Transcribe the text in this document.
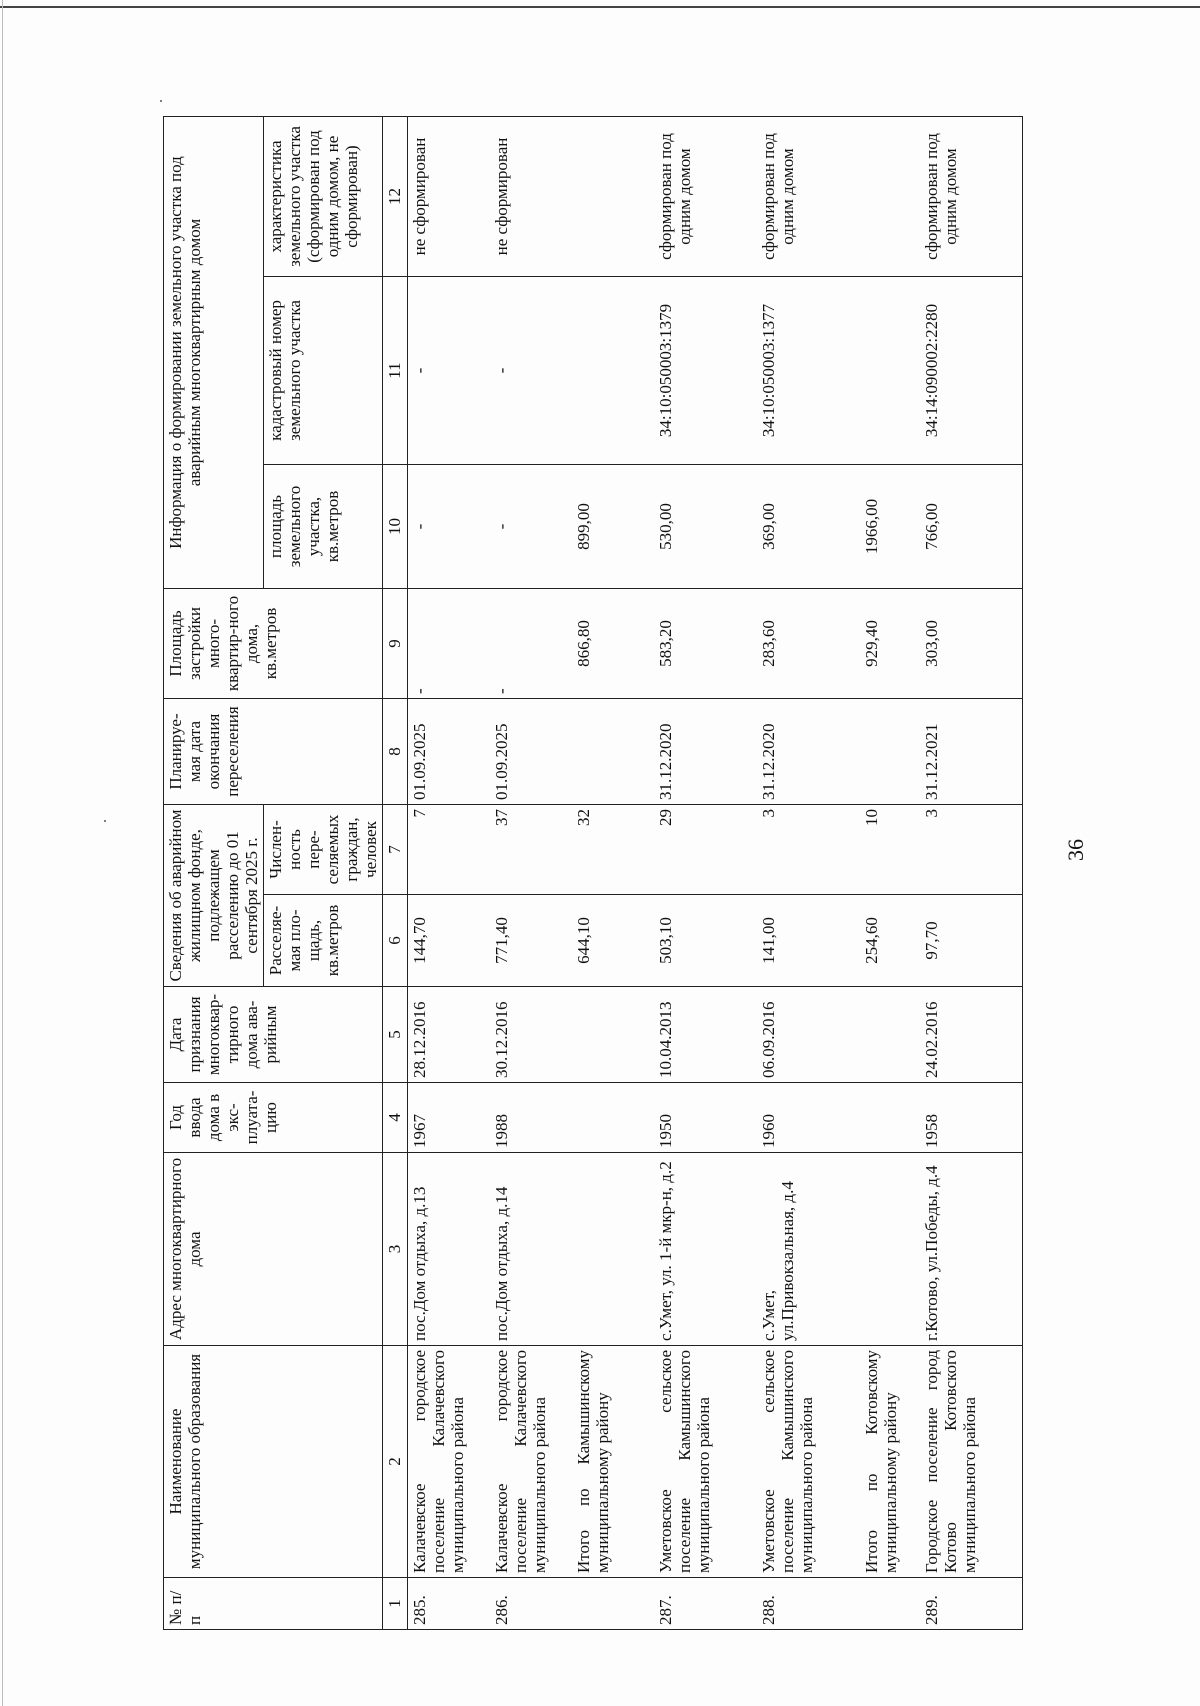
36
№ п/п	Наименование муниципального образования	Адрес многоквартирного дома	Год ввода дома в экс-плуата-цию	Дата признания многоквар-тирного дома ава-рийным	Сведения об аварийном жилищном фонде, подлежащем расселению до 01 сентября 2025 г.		Планируе-мая дата окончания переселения	Площадь застройки много-квартир-ного дома, кв.метров	Информация о формировании земельного участка под аварийным многоквартирным домом		
					Расселяе-мая пло-щадь, кв.метров	Числен-ность пере-селяемых граждан, человек			площадь земельного участка, кв.метров	кадастровый номер земельного участка	характеристика земельного участка (сформирован под одним домом, не сформирован)
1	2	3	4	5	6	7	8	9	10	11	12
285.	Калачевское городское поселение Калачевского муниципального района	пос.Дом отдыха, д.13	1967	28.12.2016	144,70	7	01.09.2025	-	-	-	не сформирован
286.	Калачевское городское поселение Калачевского муниципального района	пос.Дом отдыха, д.14	1988	30.12.2016	771,40	37	01.09.2025	-	-	-	не сформирован
	Итого по Камышинскому муниципальному району				644,10	32		866,80	899,00		
287.	Уметовское сельское поселение Камышинского муниципального района	с.Умет, ул. 1-й мкр-н, д.2	1950	10.04.2013	503,10	29	31.12.2020	583,20	530,00	34:10:050003:1379	сформирован под одним домом
288.	Уметовское сельское поселение Камышинского муниципального района	с.Умет, ул.Привокзальная, д.4	1960	06.09.2016	141,00	3	31.12.2020	283,60	369,00	34:10:050003:1377	сформирован под одним домом
	Итого по Котовскому муниципальному району				254,60	10		929,40	1966,00		
289.	Городское поселение город Котово Котовского муниципального района	г.Котово, ул.Победы, д.4	1958	24.02.2016	97,70	3	31.12.2021	303,00	766,00	34:14:090002:2280	сформирован под одним домом
